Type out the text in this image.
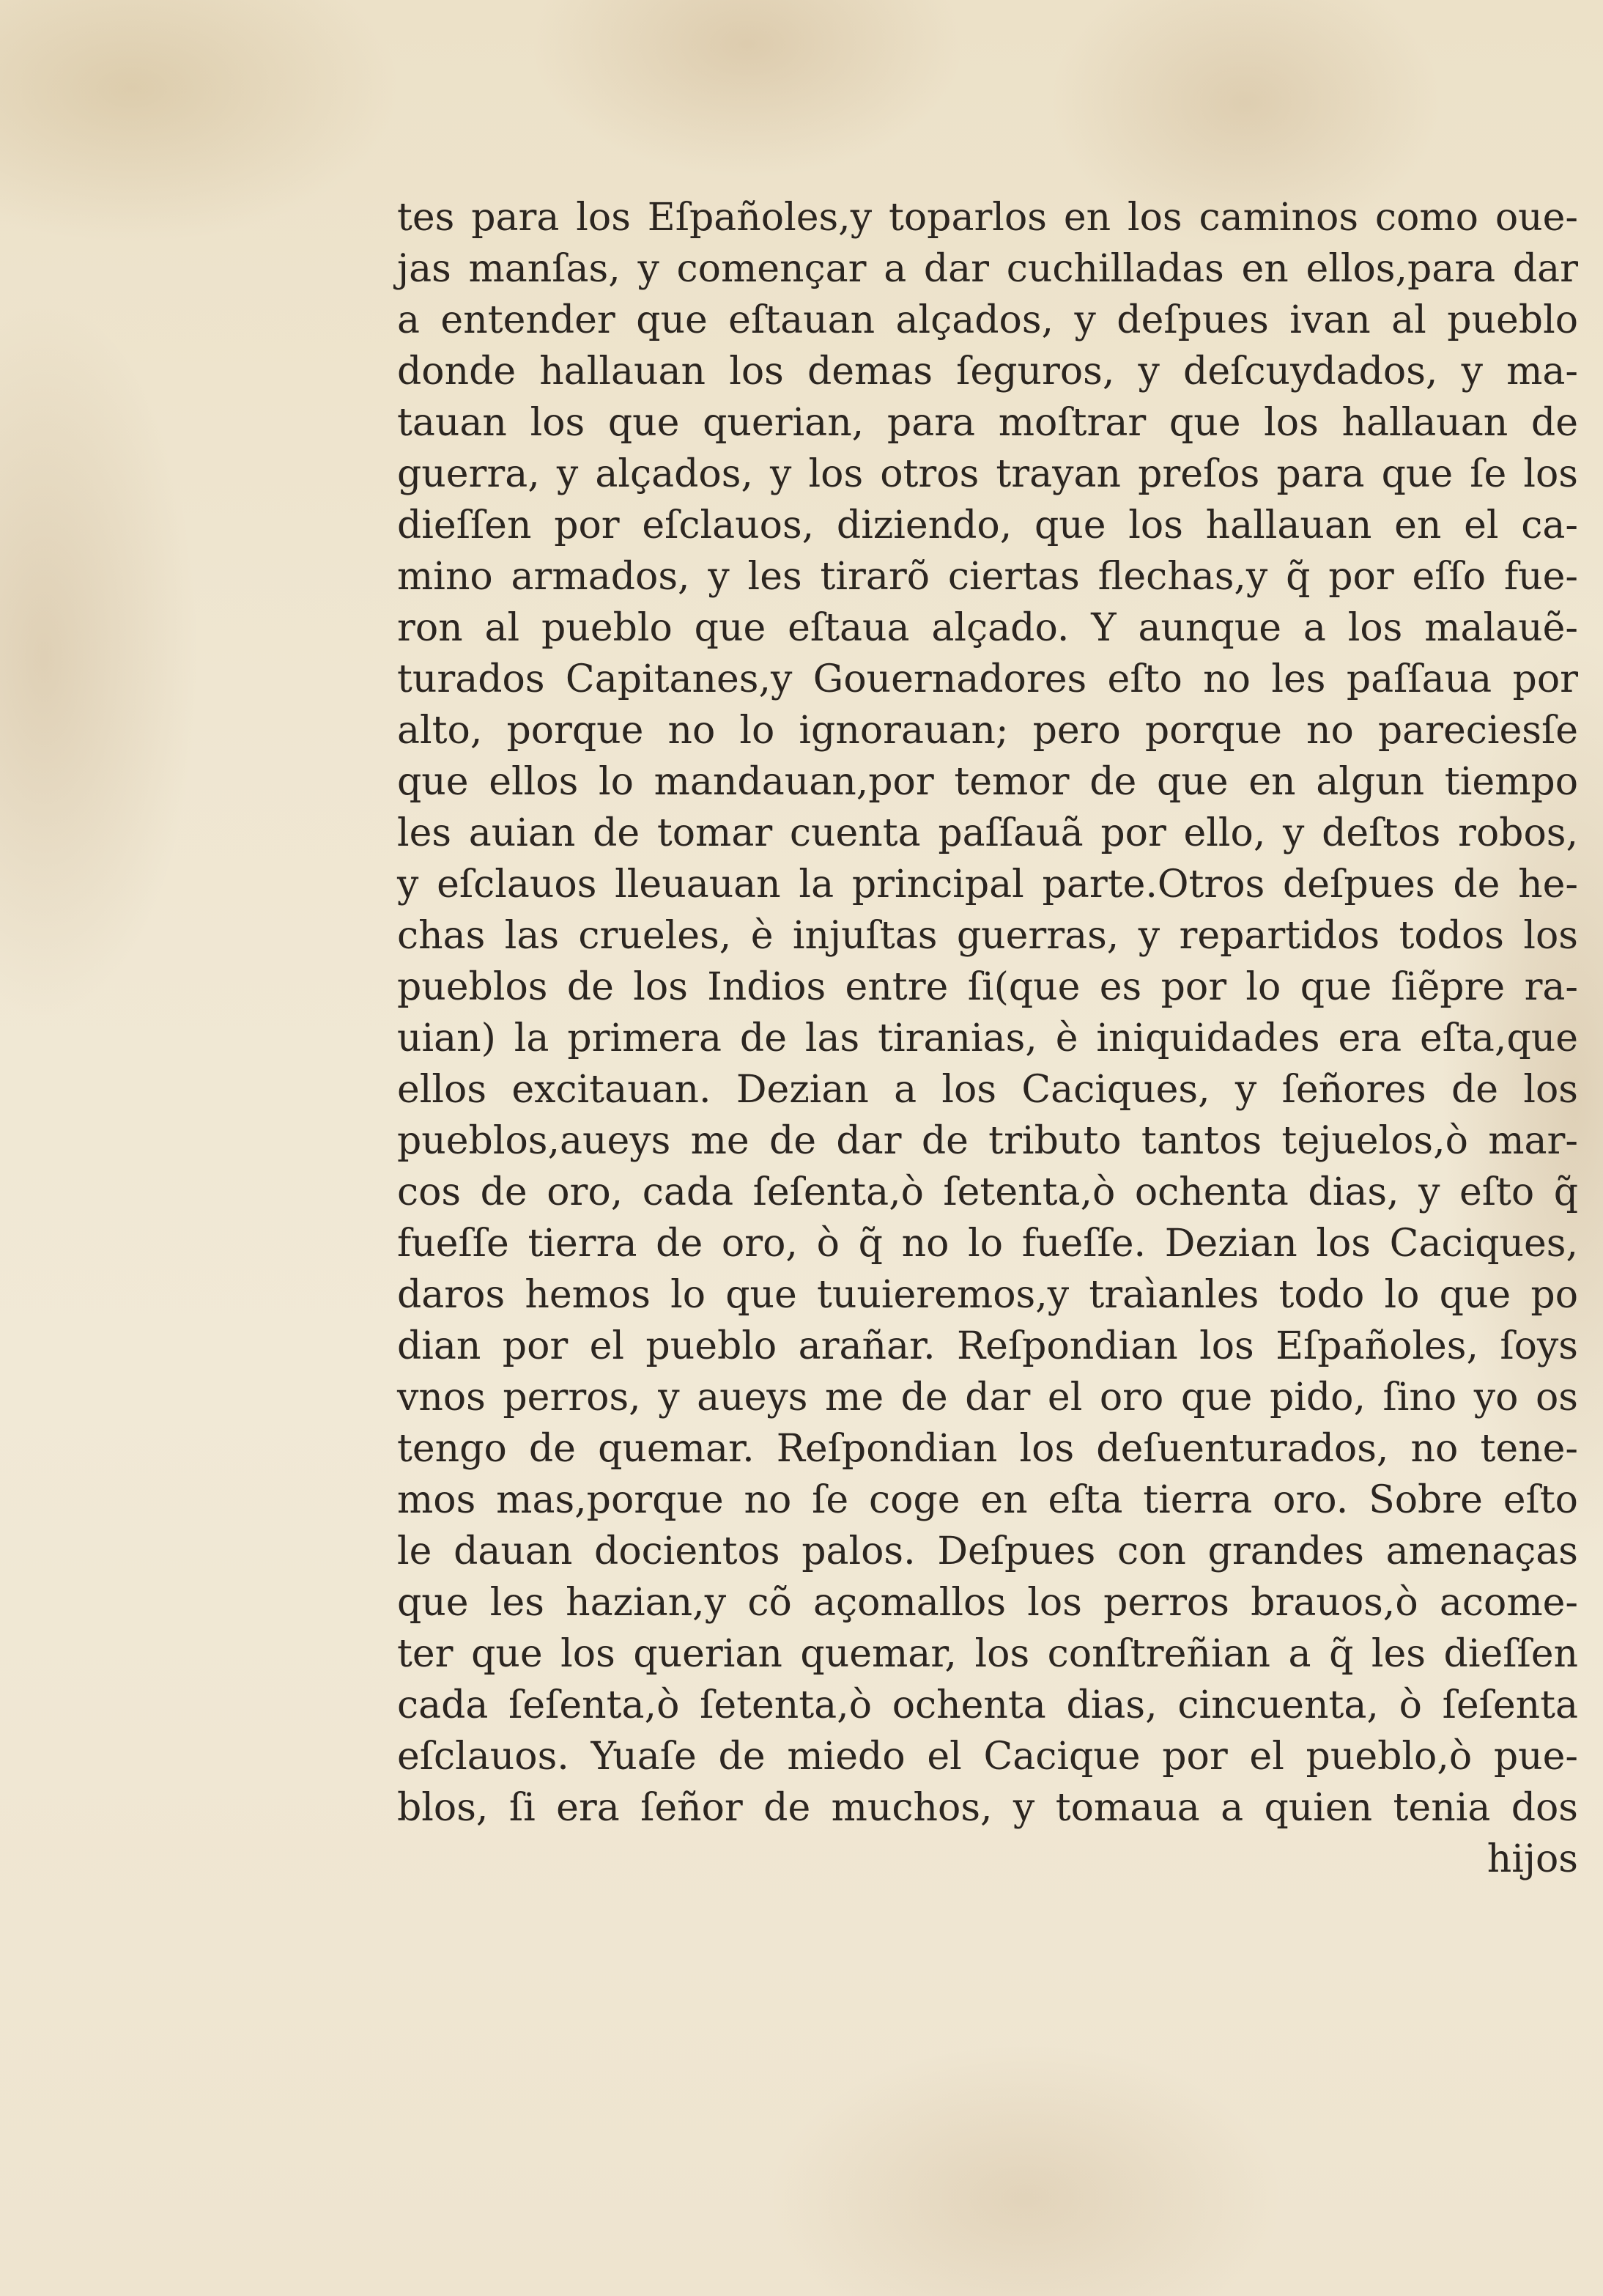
tes para los Eſpañoles,y toparlos en los caminos como oue-
jas manſas, y començar a dar cuchilladas en ellos,para dar
a entender que eſtauan alçados, y deſpues ivan al pueblo
donde hallauan los demas ſeguros, y deſcuydados, y ma-
tauan los que querian, para moſtrar que los hallauan de
guerra, y alçados, y los otros trayan preſos para que ſe los
dieſſen por eſclauos, diziendo, que los hallauan en el ca-
mino armados, y les tirarõ ciertas flechas,y q̃ por eſſo fue-
ron al pueblo que eſtaua alçado. Y aunque a los malauẽ-
turados Capitanes,y Gouernadores eſto no les paſſaua por
alto, porque no lo ignorauan; pero porque no pareciesſe
que ellos lo mandauan,por temor de que en algun tiempo
les auian de tomar cuenta paſſauã por ello, y deſtos robos,
y eſclauos lleuauan la principal parte.Otros deſpues de he-
chas las crueles, è injuſtas guerras, y repartidos todos los
pueblos de los Indios entre ſi(que es por lo que ſiẽpre ra-
uian) la primera de las tiranias, è iniquidades era eſta,que
ellos excitauan. Dezian a los Caciques, y ſeñores de los
pueblos,aueys me de dar de tributo tantos tejuelos,ò mar-
cos de oro, cada ſeſenta,ò ſetenta,ò ochenta dias, y eſto q̃
fueſſe tierra de oro, ò q̃ no lo fueſſe. Dezian los Caciques,
daros hemos lo que tuuieremos,y traìanles todo lo que po
dian por el pueblo arañar. Reſpondian los Eſpañoles, ſoys
vnos perros, y aueys me de dar el oro que pido, ſino yo os
tengo de quemar. Reſpondian los deſuenturados, no tene-
mos mas,porque no ſe coge en eſta tierra oro. Sobre eſto
le dauan docientos palos. Deſpues con grandes amenaças
que les hazian,y cõ açomallos los perros brauos,ò acome-
ter que los querian quemar, los conſtreñian a q̃ les dieſſen
cada ſeſenta,ò ſetenta,ò ochenta dias, cincuenta, ò ſeſenta
eſclauos. Yuaſe de miedo el Cacique por el pueblo,ò pue-
blos, ſi era ſeñor de muchos, y tomaua a quien tenia dos
hijos
